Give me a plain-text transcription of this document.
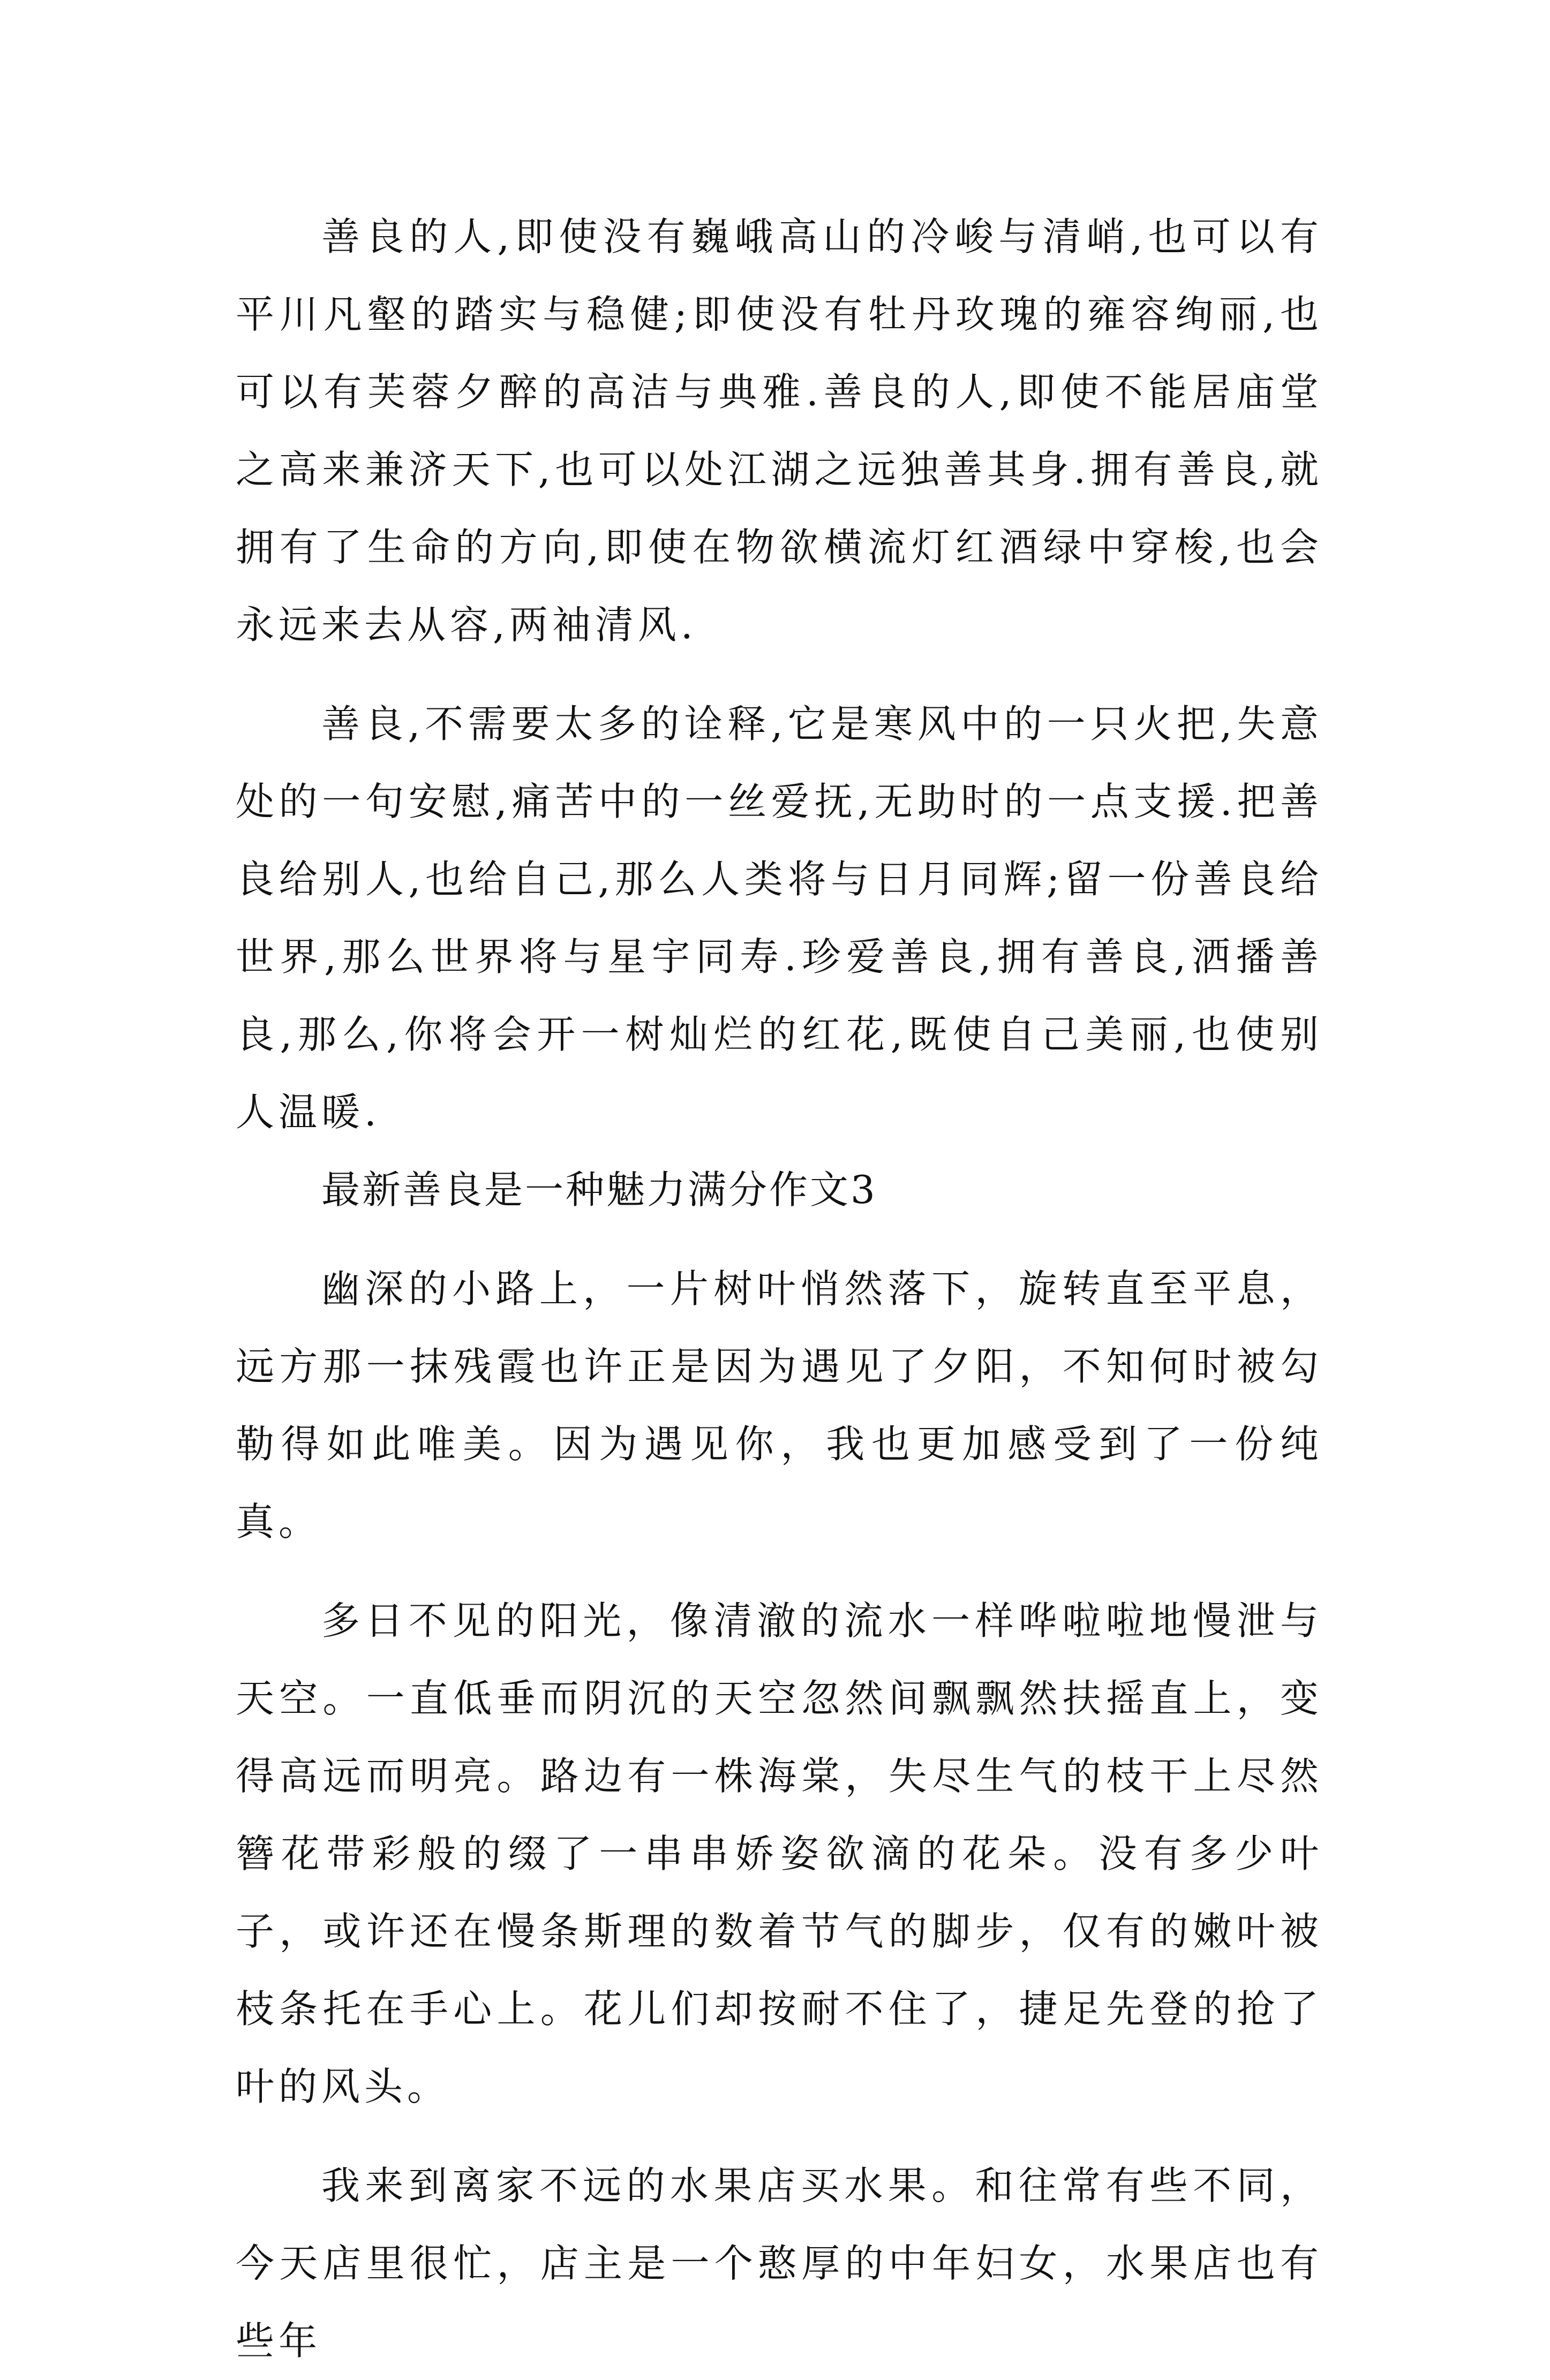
善良的人,即使没有巍峨高山的冷峻与清峭,也可以有平川凡壑的踏实与稳健;即使没有牡丹玫瑰的雍容绚丽,也可以有芙蓉夕醉的高洁与典雅.善良的人,即使不能居庙堂之高来兼济天下,也可以处江湖之远独善其身.拥有善良,就拥有了生命的方向,即使在物欲横流灯红酒绿中穿梭,也会永远来去从容,两袖清风.

善良,不需要太多的诠释,它是寒风中的一只火把,失意处的一句安慰,痛苦中的一丝爱抚,无助时的一点支援.把善良给别人,也给自己,那么人类将与日月同辉;留一份善良给世界,那么世界将与星宇同寿.珍爱善良,拥有善良,洒播善良,那么,你将会开一树灿烂的红花,既使自己美丽,也使别人温暖.

最新善良是一种魅力满分作文3

幽深的小路上，一片树叶悄然落下，旋转直至平息，远方那一抹残霞也许正是因为遇见了夕阳，不知何时被勾勒得如此唯美。因为遇见你，我也更加感受到了一份纯真。

多日不见的阳光，像清澈的流水一样哗啦啦地慢泄与天空。一直低垂而阴沉的天空忽然间飘飘然扶摇直上，变得高远而明亮。路边有一株海棠，失尽生气的枝干上尽然簪花带彩般的缀了一串串娇姿欲滴的花朵。没有多少叶子，或许还在慢条斯理的数着节气的脚步，仅有的嫩叶被枝条托在手心上。花儿们却按耐不住了，捷足先登的抢了叶的风头。

我来到离家不远的水果店买水果。和往常有些不同，今天店里很忙，店主是一个憨厚的中年妇女，水果店也有些年
